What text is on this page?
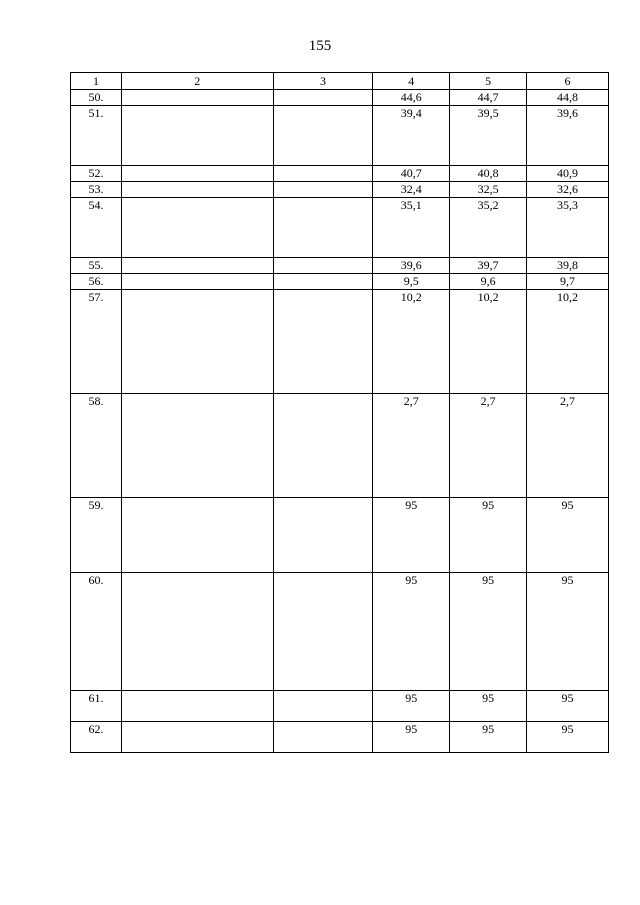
155
1	2	3	4	5	6
50.			44,6	44,7	44,8
51.			39,4	39,5	39,6
52.			40,7	40,8	40,9
53.			32,4	32,5	32,6
54.			35,1	35,2	35,3
55.			39,6	39,7	39,8
56.			9,5	9,6	9,7
57.			10,2	10,2	10,2
58.			2,7	2,7	2,7
59.			95	95	95
60.			95	95	95
61.			95	95	95
62.			95	95	95
